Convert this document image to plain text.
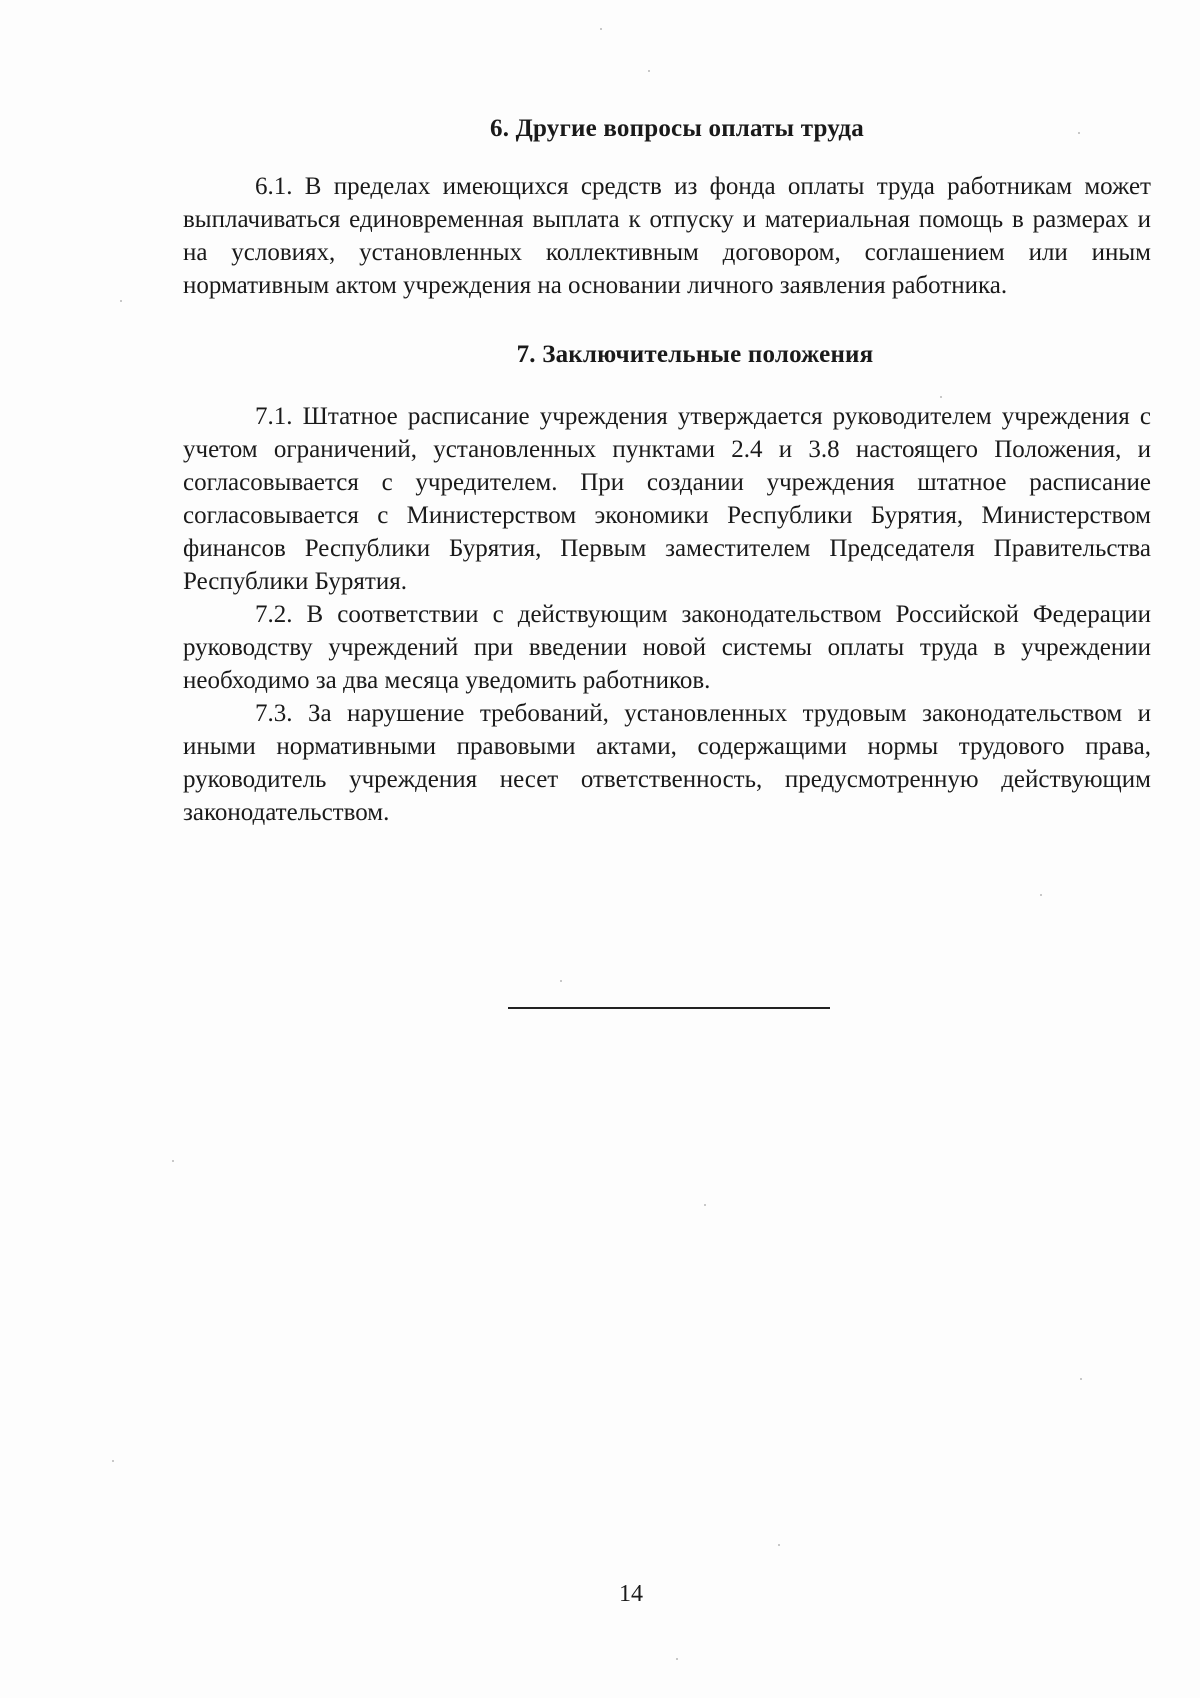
6. Другие вопросы оплаты труда

6.1. В пределах имеющихся средств из фонда оплаты труда работникам может выплачиваться единовременная выплата к отпуску и материальная помощь в размерах и на условиях, установленных коллективным договором, соглашением или иным нормативным актом учреждения на основании личного заявления работника.

7. Заключительные положения

7.1. Штатное расписание учреждения утверждается руководителем учреждения с учетом ограничений, установленных пунктами 2.4 и 3.8 настоящего Положения, и согласовывается с учредителем. При создании учреждения штатное расписание согласовывается с Министерством экономики Республики Бурятия, Министерством финансов Республики Бурятия, Первым заместителем Председателя Правительства Республики Бурятия.

7.2. В соответствии с действующим законодательством Российской Федерации руководству учреждений при введении новой системы оплаты труда в учреждении необходимо за два месяца уведомить работников.

7.3. За нарушение требований, установленных трудовым законодательством и иными нормативными правовыми актами, содержащими нормы трудового права, руководитель учреждения несет ответственность, предусмотренную действующим законодательством.

14
